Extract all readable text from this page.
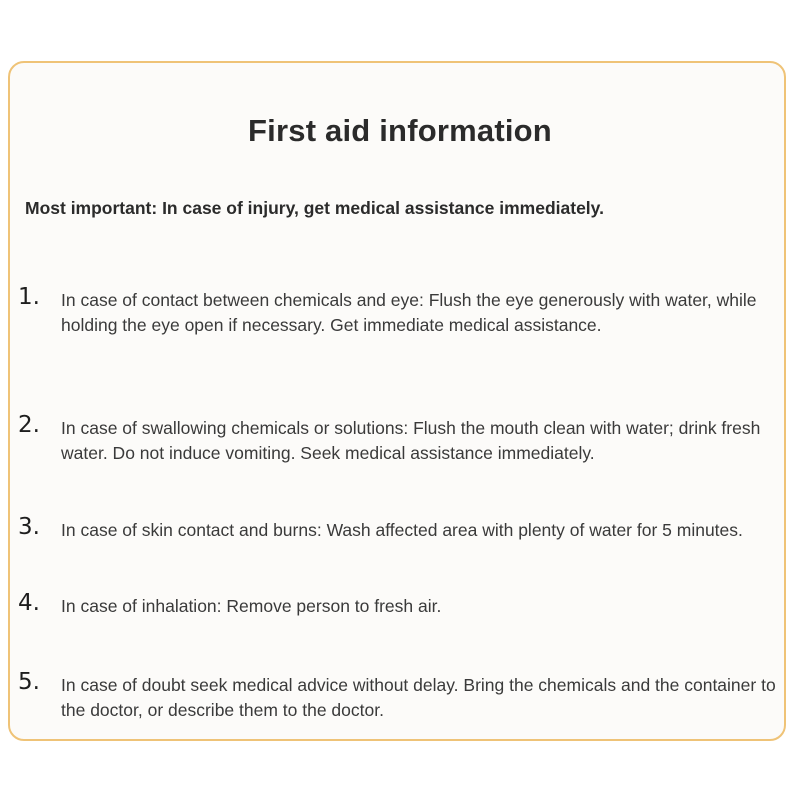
First aid information
Most important: In case of injury, get medical assistance immediately.
1. In case of contact between chemicals and eye: Flush the eye generously with water, while holding the eye open if necessary. Get immediate medical assistance.
2. In case of swallowing chemicals or solutions: Flush the mouth clean with water; drink fresh water. Do not induce vomiting. Seek medical assistance immediately.
3. In case of skin contact and burns: Wash affected area with plenty of water for 5 minutes.
4. In case of inhalation: Remove person to fresh air.
5. In case of doubt seek medical advice without delay. Bring the chemicals and the container to the doctor, or describe them to the doctor.
